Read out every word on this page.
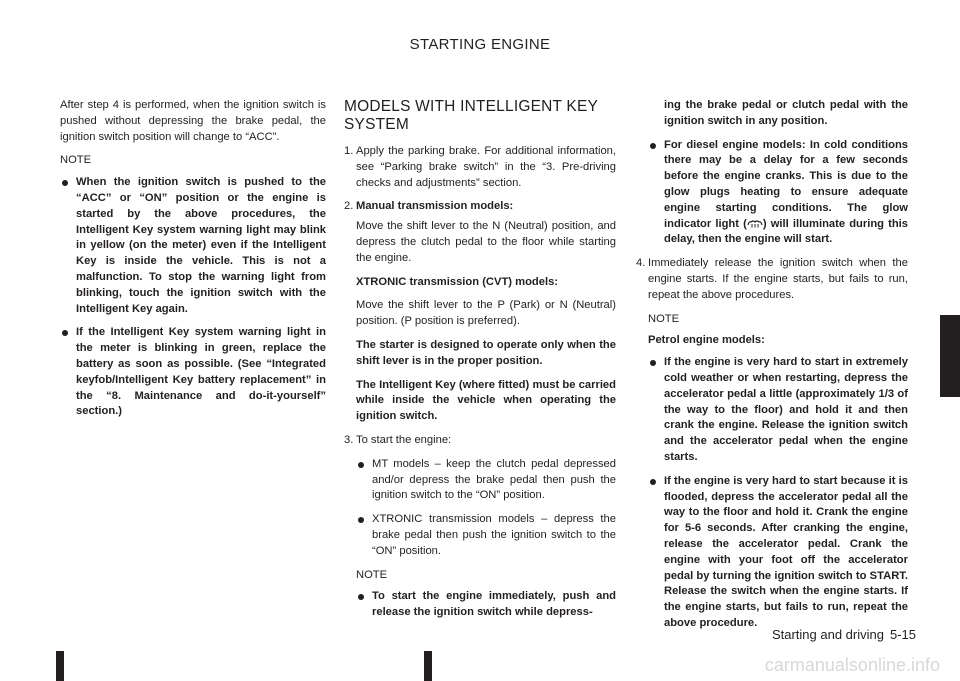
STARTING ENGINE

After step 4 is performed, when the ignition switch is pushed without depressing the brake pedal, the ignition switch position will change to “ACC”.

NOTE

When the ignition switch is pushed to the “ACC” or “ON” position or the engine is started by the above procedures, the Intelligent Key system warning light may blink in yellow (on the meter) even if the Intelligent Key is inside the vehicle. This is not a malfunction. To stop the warning light from blinking, touch the ignition switch with the Intelligent Key again.
If the Intelligent Key system warning light in the meter is blinking in green, replace the battery as soon as possible. (See “Integrated keyfob/Intelligent Key battery replacement” in the “8. Maintenance and do-it-yourself” section.)
MODELS WITH INTELLIGENT KEY SYSTEM
1. Apply the parking brake. For additional information, see “Parking brake switch” in the “3. Pre-driving checks and adjustments” section.
2. Manual transmission models:

Move the shift lever to the N (Neutral) position, and depress the clutch pedal to the floor while starting the engine.

XTRONIC transmission (CVT) models:

Move the shift lever to the P (Park) or N (Neutral) position. (P position is preferred).

The starter is designed to operate only when the shift lever is in the proper position.

The Intelligent Key (where fitted) must be carried while inside the vehicle when operating the ignition switch.

3. To start the engine:
MT models – keep the clutch pedal depressed and/or depress the brake pedal then push the ignition switch to the “ON” position.
XTRONIC transmission models – depress the brake pedal then push the ignition switch to the “ON” position.

NOTE

To start the engine immediately, push and release the ignition switch while depress-

ing the brake pedal or clutch pedal with the ignition switch in any position.

For diesel engine models: In cold conditions there may be a delay for a few seconds before the engine cranks. This is due to the glow plugs heating to ensure adequate engine starting conditions. The glow indicator light ( ) will illuminate during this delay, then the engine will start.
4. Immediately release the ignition switch when the engine starts. If the engine starts, but fails to run, repeat the above procedures.

NOTE

Petrol engine models:

If the engine is very hard to start in extremely cold weather or when restarting, depress the accelerator pedal a little (approximately 1/3 of the way to the floor) and hold it and then crank the engine. Release the ignition switch and the accelerator pedal when the engine starts.
If the engine is very hard to start because it is flooded, depress the accelerator pedal all the way to the floor and hold it. Crank the engine for 5-6 seconds. After cranking the engine, release the accelerator pedal. Crank the engine with your foot off the accelerator pedal by turning the ignition switch to START. Release the switch when the engine starts. If the engine starts, but fails to run, repeat the above procedure.
Starting and driving 5-15
carmanualsonline.info
